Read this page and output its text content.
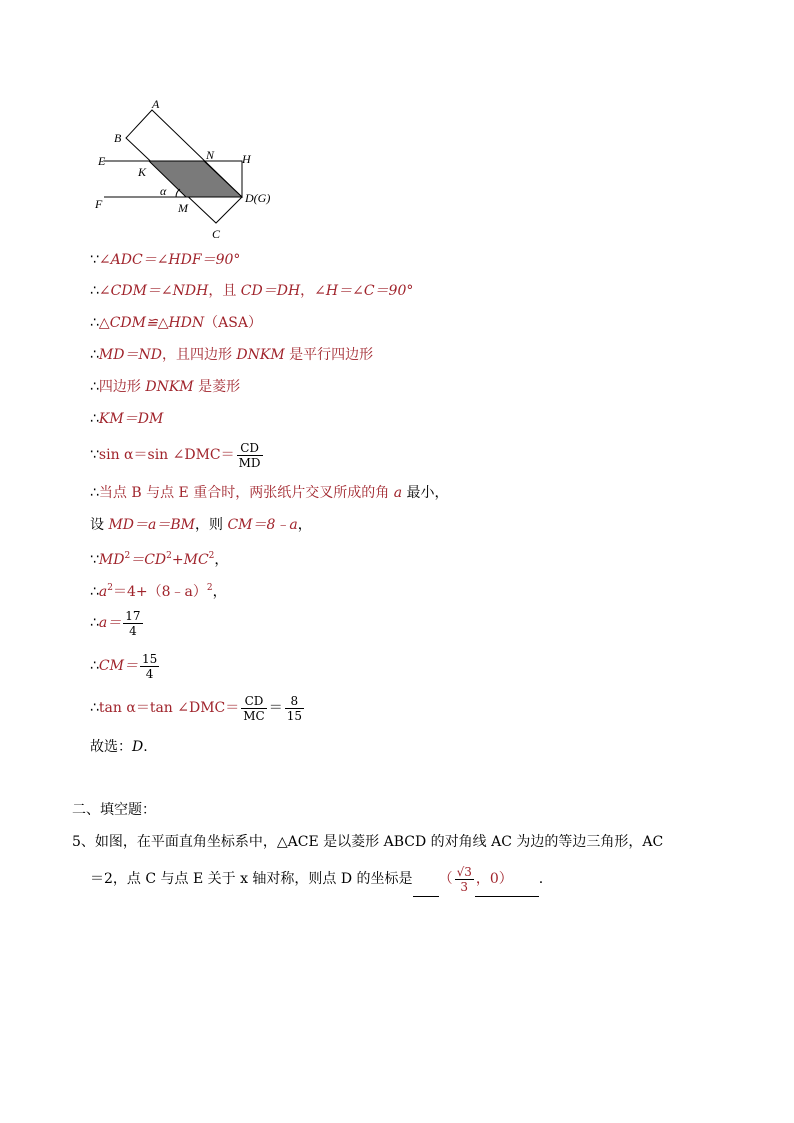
A
B
E	N H
K
F
α
M
D(G)
C
∵∠ADC＝∠HDF＝90°
∴∠CDM＝∠NDH，且 CD＝DH，∠H＝∠C＝90°
∴△CDM≌△HDN（ASA）
∴MD＝ND，且四边形 DNKM 是平行四边形
∴四边形 DNKM 是菱形
∴KM＝DM
∵sin α＝sin ∠DMC＝ $\frac{CD}{MD}$
∴当点 B 与点 E 重合时，两张纸片交叉所成的角 a 最小，
设 MD＝a＝BM，则 CM＝8﹣a，
$\because MD^2=CD^2+MC^2$，
$\therefore a^2=4+(8﹣a)^2$，
∴a＝ $\frac{17}{4}$
∴CM＝ $\frac{15}{4}$
∴tan α＝tan ∠DMC＝ $\frac{CD}{MC} = \frac{8}{15}$
故选：D.
二、填空题：
5、如图，在平面直角坐标系中，△ACE 是以菱形 ABCD 的对角线 AC 为边的等边三角形，AC
＝2，点 C 与点 E 关于 x 轴对称，则点 D 的坐标是 （ $\frac{√3}{3}$ ，0） .
